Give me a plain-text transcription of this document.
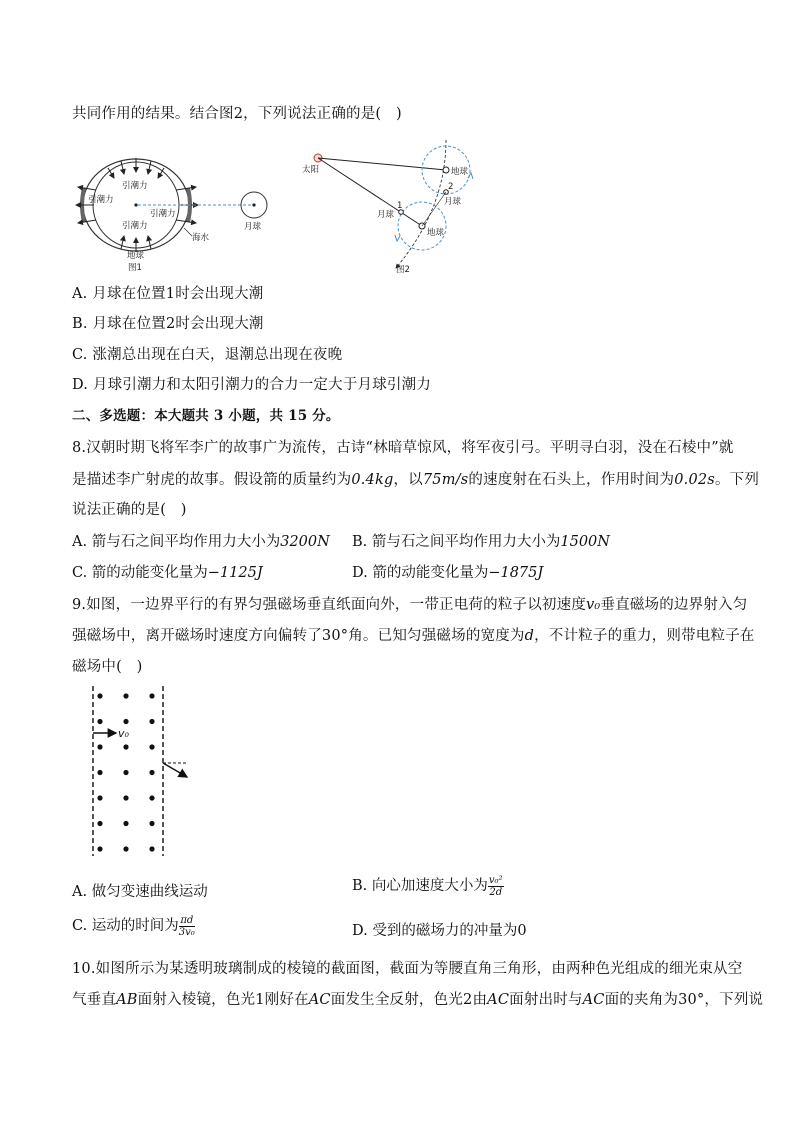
共同作用的结果。结合图2，下列说法正确的是(　)
引潮力
引潮力
引潮力
引潮力
海水
地球
月球
图1
太阳	地球
2
月球
1
月球
地球
图2
A. 月球在位置1时会出现大潮
B. 月球在位置2时会出现大潮
C. 涨潮总出现在白天，退潮总出现在夜晚
D. 月球引潮力和太阳引潮力的合力一定大于月球引潮力
二、多选题：本大题共 3 小题，共 15 分。
8.汉朝时期飞将军李广的故事广为流传，古诗“林暗草惊风，将军夜引弓。平明寻白羽，没在石棱中”就
是描述李广射虎的故事。假设箭的质量约为0.4kg，以75m/s的速度射在石头上，作用时间为0.02s。下列
说法正确的是(　)
A. 箭与石之间平均作用力大小为3200N B. 箭与石之间平均作用力大小为1500N
C. 箭的动能变化量为−1125J	D. 箭的动能变化量为−1875J
9.如图，一边界平行的有界匀强磁场垂直纸面向外，一带正电荷的粒子以初速度v₀垂直磁场的边界射入匀
强磁场中，离开磁场时速度方向偏转了30°角。已知匀强磁场的宽度为d，不计粒子的重力，则带电粒子在
磁场中(　)
v₀
A. 做匀变速曲线运动	B. 向心加速度大小为 $\frac{\text{v₀²}}{2d}$
C. 运动的时间为 $\frac{\pi d}{\text{3v₀}}$	D. 受到的磁场力的冲量为0
10.如图所示为某透明玻璃制成的棱镜的截面图，截面为等腰直角三角形，由两种色光组成的细光束从空
气垂直AB面射入棱镜，色光1刚好在AC面发生全反射，色光2由AC面射出时与AC面的夹角为30°，下列说
